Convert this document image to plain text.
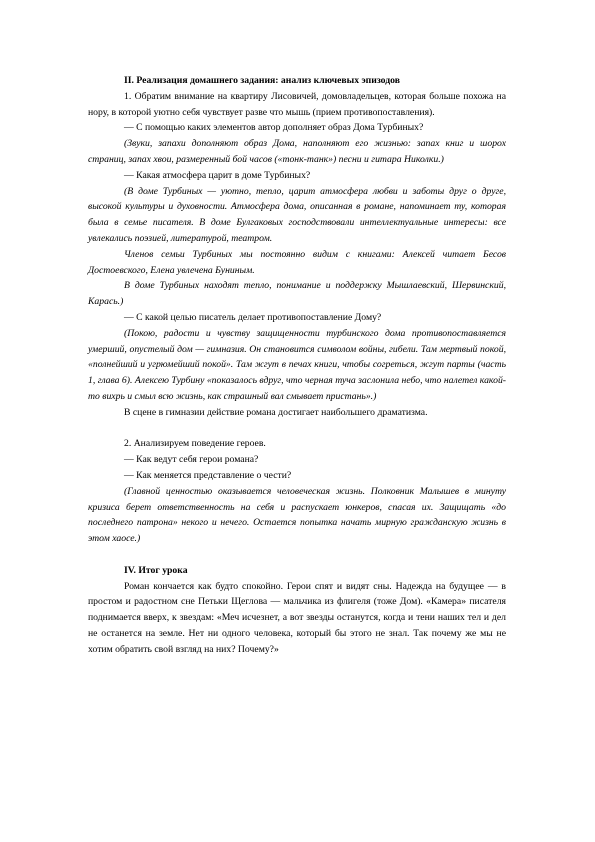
II. Реализация домашнего задания: анализ ключевых эпизодов

1. Обратим внимание на квартиру Лисовичей, домовладельцев, которая больше похожа на нору, в которой уютно себя чувствует разве что мышь (прием противопоставления).

— С помощью каких элементов автор дополняет образ Дома Турбиных?

(Звуки, запахи дополняют образ Дома, наполняют его жизнью: запах книг и шорох страниц, запах хвои, размеренный бой часов («тонк-танк») песни и гитара Николки.)

— Какая атмосфера царит в доме Турбиных?

(В доме Турбиных — уютно, тепло, царит атмосфера любви и заботы друг о друге, высокой культуры и духовности. Атмосфера дома, описанная в романе, напоминает ту, которая была в семье писателя. В доме Булгаковых господствовали интеллектуальные интересы: все увлекались поэзией, литературой, театром.

Членов семьи Турбиных мы постоянно видим с книгами: Алексей читает Бесов Достоевского, Елена увлечена Буниным.

В доме Турбиных находят тепло, понимание и поддержку Мышлаевский, Шервинский, Карась.)

— С какой целью писатель делает противопоставление Дому?

(Покою, радости и чувству защищенности турбинского дома противопоставляется умерший, опустелый дом — гимназия. Он становится символом войны, гибели. Там мертвый покой, «полнейший и угрюмейший покой». Там жгут в печах книги, чтобы согреться, жгут парты (часть 1, глава 6). Алексею Турбину «показалось вдруг, что черная туча заслонила небо, что налетел какой-то вихрь и смыл всю жизнь, как страшный вал смывает пристань».)

В сцене в гимназии действие романа достигает наибольшего драматизма.

2. Анализируем поведение героев.

— Как ведут себя герои романа?

— Как меняется представление о чести?

(Главной ценностью оказывается человеческая жизнь. Полковник Малышев в минуту кризиса берет ответственность на себя и распускает юнкеров, спасая их. Защищать «до последнего патрона» некого и нечего. Остается попытка начать мирную гражданскую жизнь в этом хаосе.)

IV. Итог урока

Роман кончается как будто спокойно. Герои спят и видят сны. Надежда на будущее — в простом и радостном сне Петьки Щеглова — мальчика из флигеля (тоже Дом). «Камера» писателя поднимается вверх, к звездам: «Меч исчезнет, а вот звезды останутся, когда и тени наших тел и дел не останется на земле. Нет ни одного человека, который бы этого не знал. Так почему же мы не хотим обратить свой взгляд на них? Почему?»
